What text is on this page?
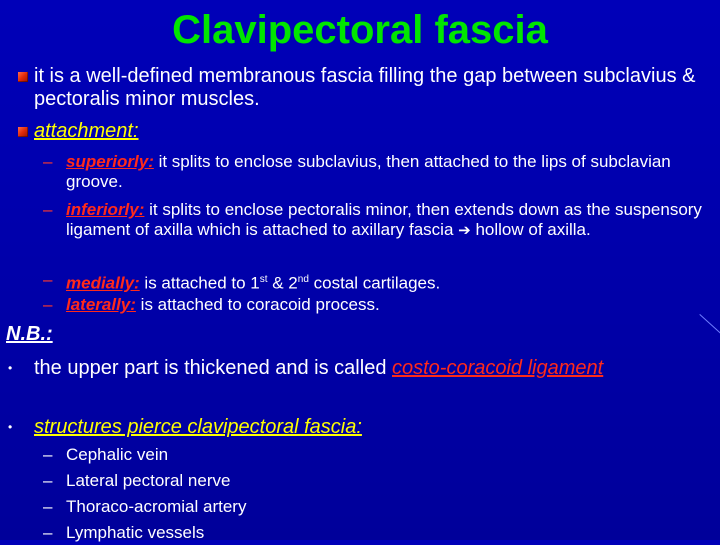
Clavipectoral fascia
it is a well-defined membranous fascia filling the gap between subclavius & pectoralis minor muscles.
attachment:
– superiorly: it splits to enclose subclavius, then attached to the lips of subclavian groove.
– inferiorly: it splits to enclose pectoralis minor, then extends down as the suspensory ligament of axilla which is attached to axillary fascia ➔ hollow of axilla.
– medially: is attached to 1st & 2nd costal cartilages.
– laterally: is attached to coracoid process.
N.B.:
• the upper part is thickened and is called costo-coracoid ligament
• structures pierce clavipectoral fascia:
– Cephalic vein
– Lateral pectoral nerve
– Thoraco-acromial artery
– Lymphatic vessels
